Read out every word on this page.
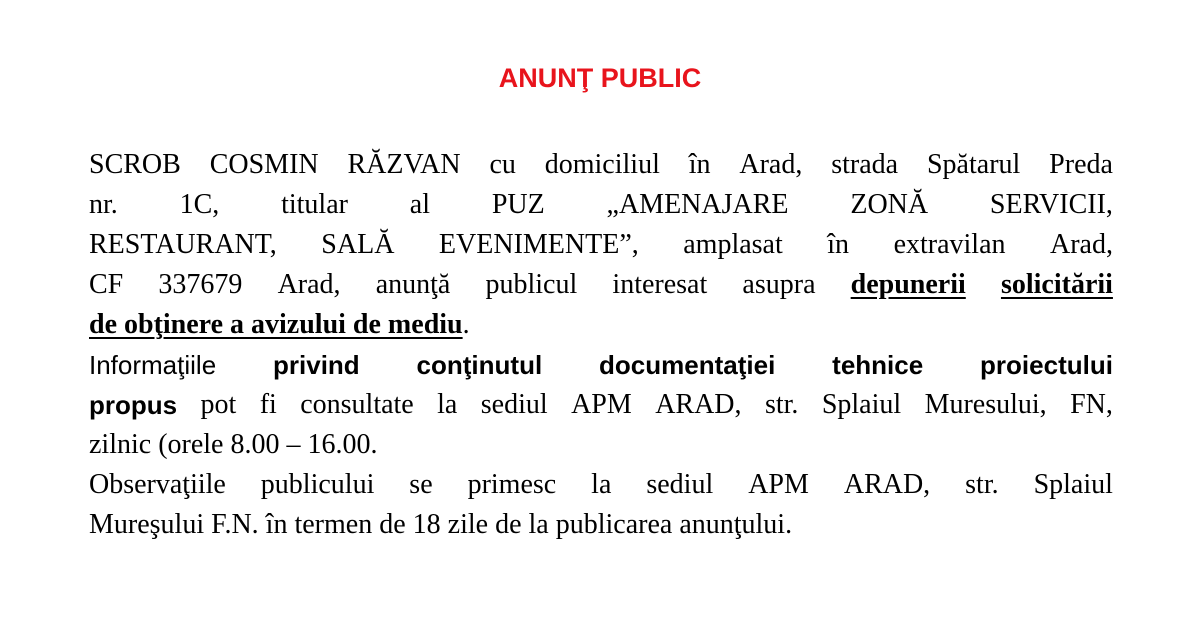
ANUNŢ PUBLIC
SCROB COSMIN RĂZVAN cu domiciliul în Arad, strada Spătarul Preda
nr. 1C, titular al PUZ „AMENAJARE ZONĂ SERVICII,
RESTAURANT, SALĂ EVENIMENTE”, amplasat în extravilan Arad,
CF 337679 Arad, anunţă publicul interesat asupra depunerii solicitării
de obţinere a avizului de mediu.
Informaţiile privind conţinutul documentaţiei tehnice proiectului
propus pot fi consultate la sediul APM ARAD, str. Splaiul Muresului, FN,
zilnic (orele 8.00 – 16.00.
Observaţiile publicului se primesc la sediul APM ARAD, str. Splaiul
Mureşului F.N. în termen de 18 zile de la publicarea anunţului.
